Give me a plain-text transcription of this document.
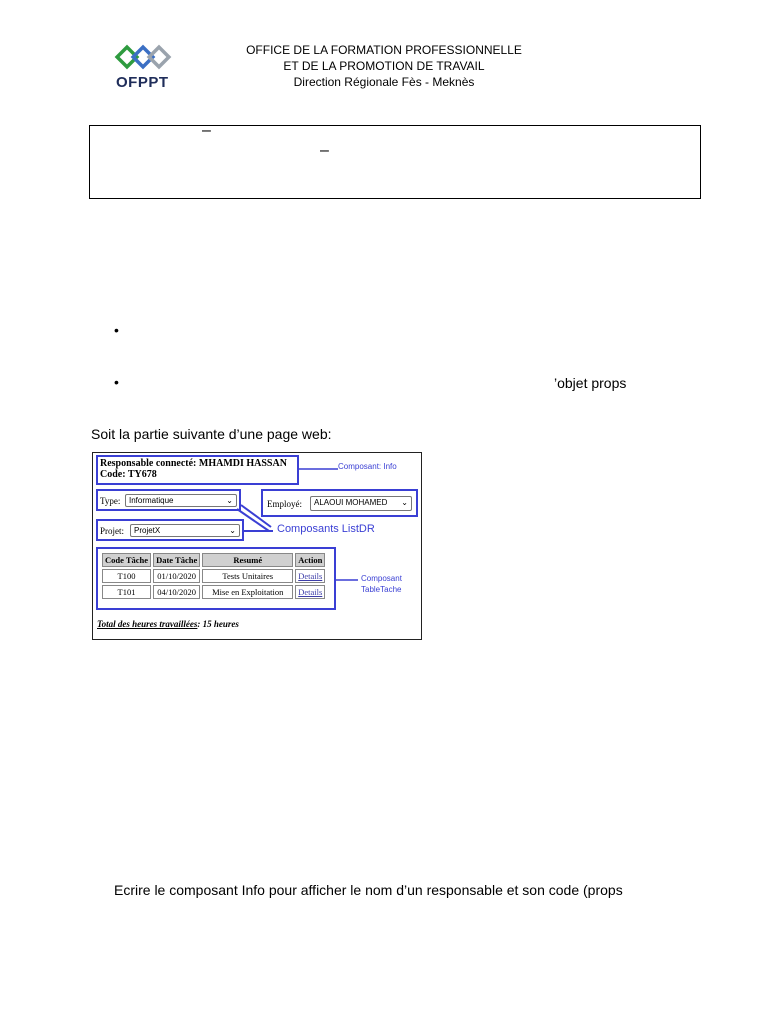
OFPPT
OFFICE DE LA FORMATION PROFESSIONNELLE
ET DE LA PROMOTION DE TRAVAIL
Direction Régionale Fès - Meknès
–
–
•
•	’objet props
Soit la partie suivante d’une page web:
Responsable connecté: MHAMDI HASSAN
Code: TY678
Composant: Info
Type:	Informatique	⌄	Employé:	ALAOUI MOHAMED ⌄
Projet:	ProjetX	⌄	Composants ListDR
Code Tâche	Date Tâche	Resumé	Action
T100	01/10/2020	Tests Unitaires	Details
T101	04/10/2020	Mise en Exploitation	Details
Composant TableTache
Total des heures travaillées: 15 heures
Ecrire le composant Info pour afficher le nom d’un responsable et son code (props
